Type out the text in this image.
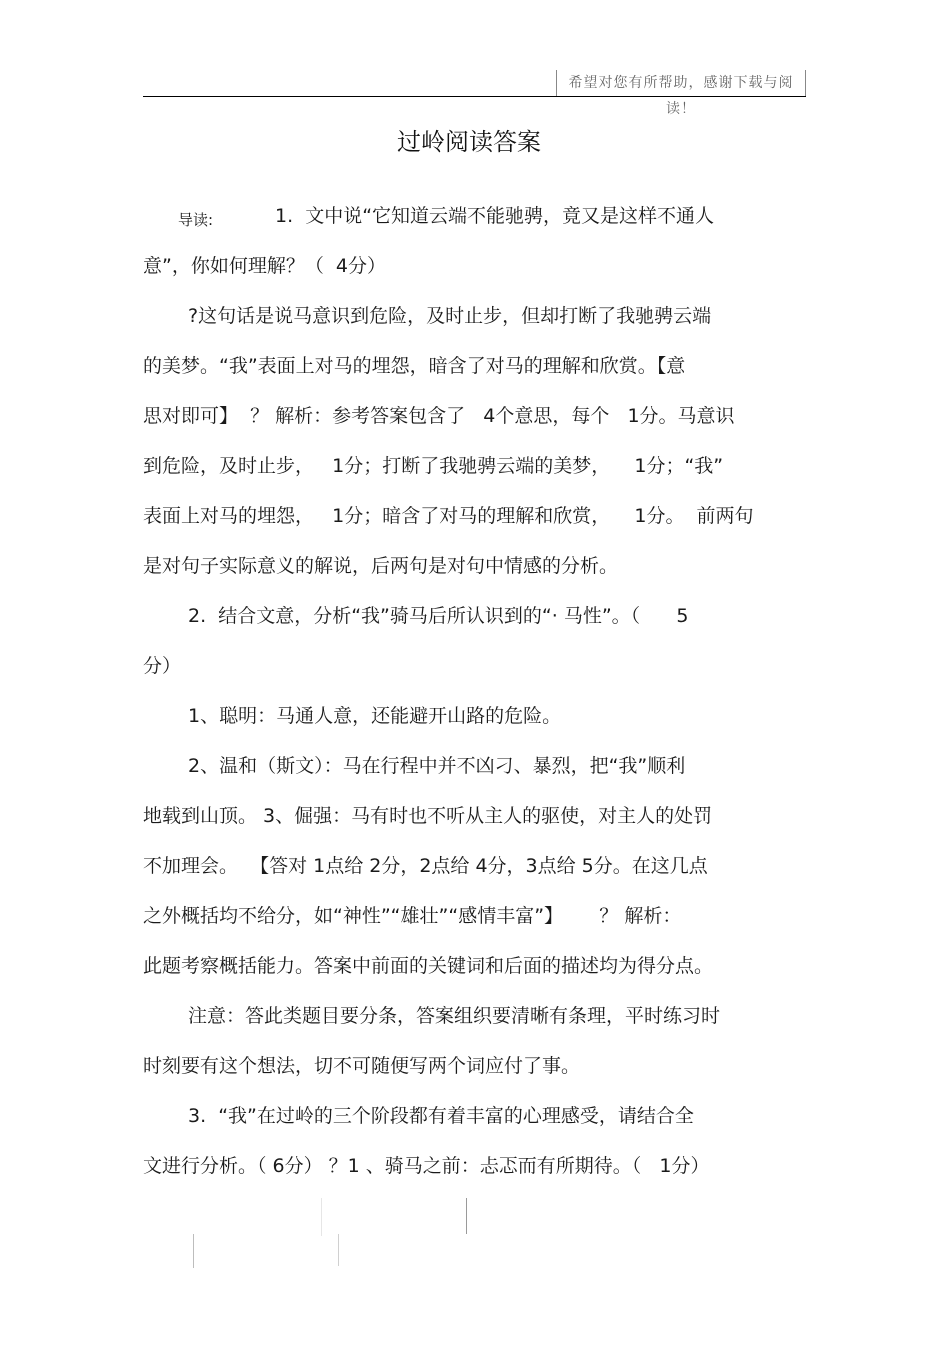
希望对您有所帮助，感谢下载与阅读！
过岭阅读答案
导读:	1.  文中说“它知道云端不能驰骋，竟又是这样不通人
意”，你如何理解？（  4分）
?这句话是说马意识到危险，及时止步，但却打断了我驰骋云端
的美梦。“我”表面上对马的埋怨，暗含了对马的理解和欣赏。【意
思对即可】  ？ 解析：参考答案包含了   4个意思，每个   1分。马意识
到危险，及时止步，   1分；打断了我驰骋云端的美梦，    1分；“我”
表面上对马的埋怨，   1分；暗含了对马的理解和欣赏，    1分。  前两句
是对句子实际意义的解说，后两句是对句中情感的分析。
2.  结合文意，分析“我”骑马后所认识到的“· 马性”。（      5
分）
1、聪明：马通人意，还能避开山路的危险。
2、温和（斯文）：马在行程中并不凶刁、暴烈，把“我”顺利
地载到山顶。 3、倔强：马有时也不听从主人的驱使，对主人的处罚
不加理会。  【答对 1点给 2分，2点给 4分，3点给 5分。在这几点
之外概括均不给分，如“神性”“雄壮”“感情丰富”】      ？ 解析：
此题考察概括能力。答案中前面的关键词和后面的描述均为得分点。
注意：答此类题目要分条，答案组织要清晰有条理，平时练习时
时刻要有这个想法，切不可随便写两个词应付了事。
3.  “我”在过岭的三个阶段都有着丰富的心理感受，请结合全
文进行分析。（ 6分） ？1 、骑马之前：忐忑而有所期待。（   1分）
